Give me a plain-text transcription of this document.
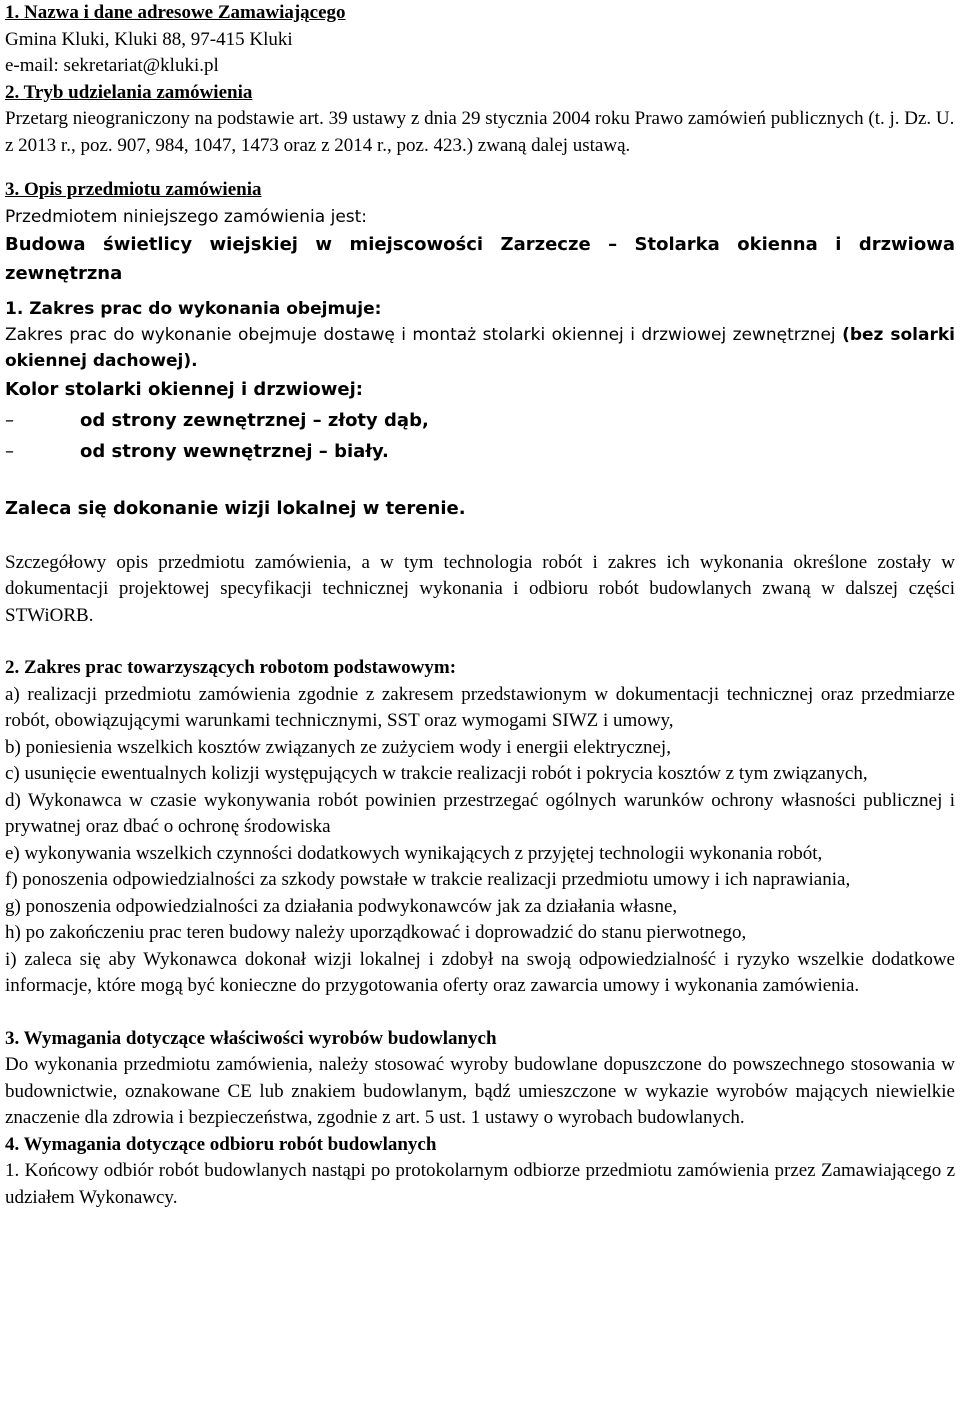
1. Nazwa i dane adresowe Zamawiającego

Gmina Kluki, Kluki 88, 97-415 Kluki

e-mail: sekretariat@kluki.pl

2. Tryb udzielania zamówienia

Przetarg nieograniczony na podstawie art. 39 ustawy z dnia 29 stycznia 2004 roku Prawo zamówień publicznych (t. j. Dz. U. z 2013 r., poz. 907, 984, 1047, 1473 oraz z 2014 r., poz. 423.) zwaną dalej ustawą.

3. Opis przedmiotu zamówienia

Przedmiotem niniejszego zamówienia jest:

Budowa świetlicy wiejskiej w miejscowości Zarzecze – Stolarka okienna i drzwiowa zewnętrzna

1. Zakres prac do wykonania obejmuje:

Zakres prac do wykonanie obejmuje dostawę i montaż stolarki okiennej i drzwiowej zewnętrznej (bez solarki okiennej dachowej).

Kolor stolarki okiennej i drzwiowej:

–	od strony zewnętrznej – złoty dąb,
–	od strony wewnętrznej – biały.

Zaleca się dokonanie wizji lokalnej w terenie.

Szczegółowy opis przedmiotu zamówienia, a w tym technologia robót i zakres ich wykonania określone zostały w dokumentacji projektowej specyfikacji technicznej wykonania i odbioru robót budowlanych zwaną w dalszej części STWiORB.

2. Zakres prac towarzyszących robotom podstawowym:

a) realizacji przedmiotu zamówienia zgodnie z zakresem przedstawionym w dokumentacji technicznej oraz przedmiarze robót, obowiązującymi warunkami technicznymi, SST oraz wymogami SIWZ i umowy,

b) poniesienia wszelkich kosztów związanych ze zużyciem wody i energii elektrycznej,

c) usunięcie ewentualnych kolizji występujących w trakcie realizacji robót i pokrycia kosztów z tym związanych,

d) Wykonawca w czasie wykonywania robót powinien przestrzegać ogólnych warunków ochrony własności publicznej i prywatnej oraz dbać o ochronę środowiska

e) wykonywania wszelkich czynności dodatkowych wynikających z przyjętej technologii wykonania robót,

f) ponoszenia odpowiedzialności za szkody powstałe w trakcie realizacji przedmiotu umowy i ich naprawiania,

g) ponoszenia odpowiedzialności za działania podwykonawców jak za działania własne,

h) po zakończeniu prac teren budowy należy uporządkować i doprowadzić do stanu pierwotnego,

i) zaleca się aby Wykonawca dokonał wizji lokalnej i zdobył na swoją odpowiedzialność i ryzyko wszelkie dodatkowe informacje, które mogą być konieczne do przygotowania oferty oraz zawarcia umowy i wykonania zamówienia.

3. Wymagania dotyczące właściwości wyrobów budowlanych

Do wykonania przedmiotu zamówienia, należy stosować wyroby budowlane dopuszczone do powszechnego stosowania w budownictwie, oznakowane CE lub znakiem budowlanym, bądź umieszczone w wykazie wyrobów mających niewielkie znaczenie dla zdrowia i bezpieczeństwa, zgodnie z art. 5 ust. 1 ustawy o wyrobach budowlanych.

4. Wymagania dotyczące odbioru robót budowlanych

1. Końcowy odbiór robót budowlanych nastąpi po protokolarnym odbiorze przedmiotu zamówienia przez Zamawiającego z udziałem Wykonawcy.
